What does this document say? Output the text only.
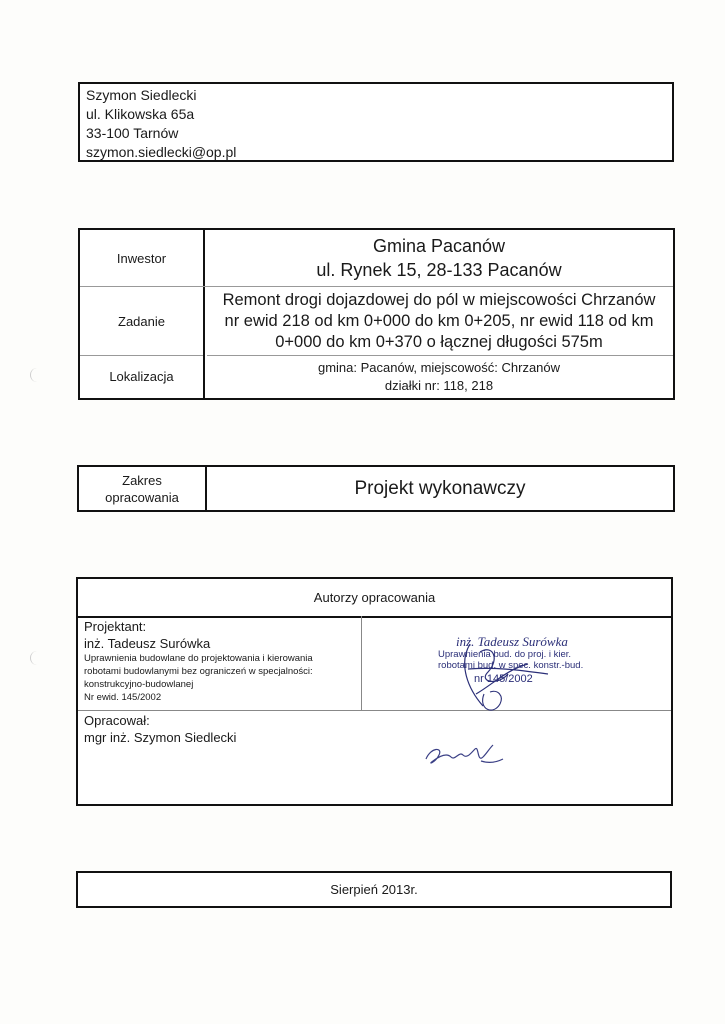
Szymon Siedlecki
ul. Klikowska 65a
33-100 Tarnów
szymon.siedlecki@op.pl
Inwestor
Gmina Pacanów
ul. Rynek 15, 28-133 Pacanów
Zadanie
Remont drogi dojazdowej do pól w miejscowości Chrzanów
nr ewid 218 od km 0+000 do km 0+205, nr ewid 118 od km
0+000 do km 0+370 o łącznej długości 575m
Lokalizacja
gmina: Pacanów, miejscowość: Chrzanów
działki nr: 118, 218
Zakres
opracowania	Projekt wykonawczy
Autorzy opracowania
Projektant:
inż. Tadeusz Surówka
Uprawnienia budowlane do projektowania i kierowania
robotami budowlanymi bez ograniczeń w specjalności:
konstrukcyjno-budowlanej
Nr ewid. 145/2002
Opracował:
mgr inż. Szymon Siedlecki
inż. Tadeusz Surówka
Uprawnienia bud. do proj. i kier.
robotami bud. w spec. konstr.-bud.
nr 145/2002
Sierpień 2013r.
